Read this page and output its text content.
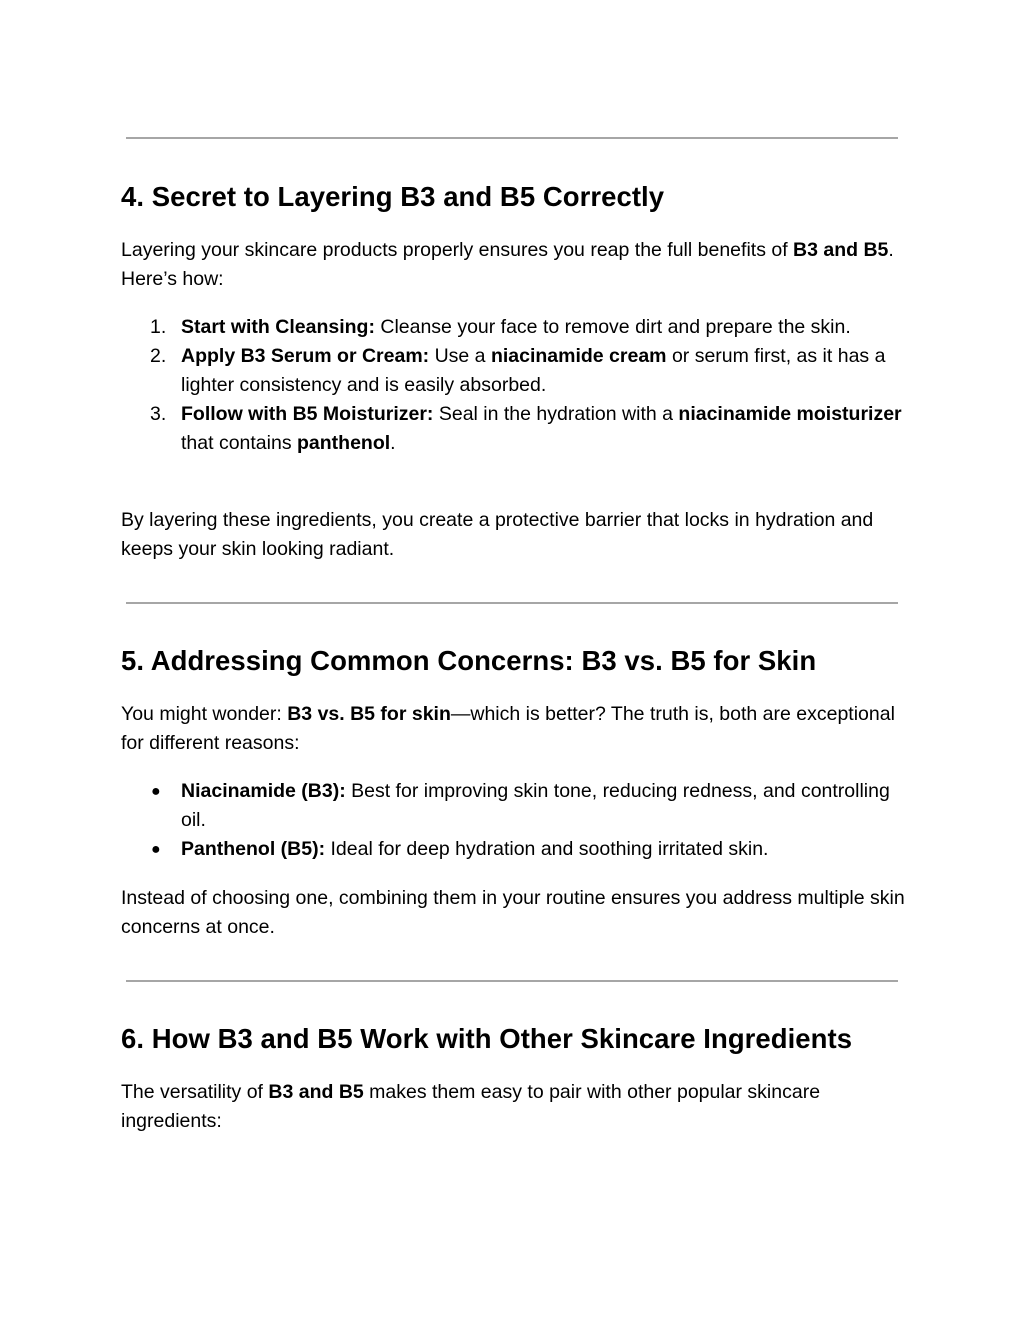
4. Secret to Layering B3 and B5 Correctly

Layering your skincare products properly ensures you reap the full benefits of B3 and B5. Here’s how:

1. Start with Cleansing: Cleanse your face to remove dirt and prepare the skin.
2. Apply B3 Serum or Cream: Use a niacinamide cream or serum first, as it has a lighter consistency and is easily absorbed.
3. Follow with B5 Moisturizer: Seal in the hydration with a niacinamide moisturizer that contains panthenol.

By layering these ingredients, you create a protective barrier that locks in hydration and keeps your skin looking radiant.

5. Addressing Common Concerns: B3 vs. B5 for Skin

You might wonder: B3 vs. B5 for skin—which is better? The truth is, both are exceptional for different reasons:

● Niacinamide (B3): Best for improving skin tone, reducing redness, and controlling oil.
● Panthenol (B5): Ideal for deep hydration and soothing irritated skin.

Instead of choosing one, combining them in your routine ensures you address multiple skin concerns at once.

6. How B3 and B5 Work with Other Skincare Ingredients

The versatility of B3 and B5 makes them easy to pair with other popular skincare ingredients:
